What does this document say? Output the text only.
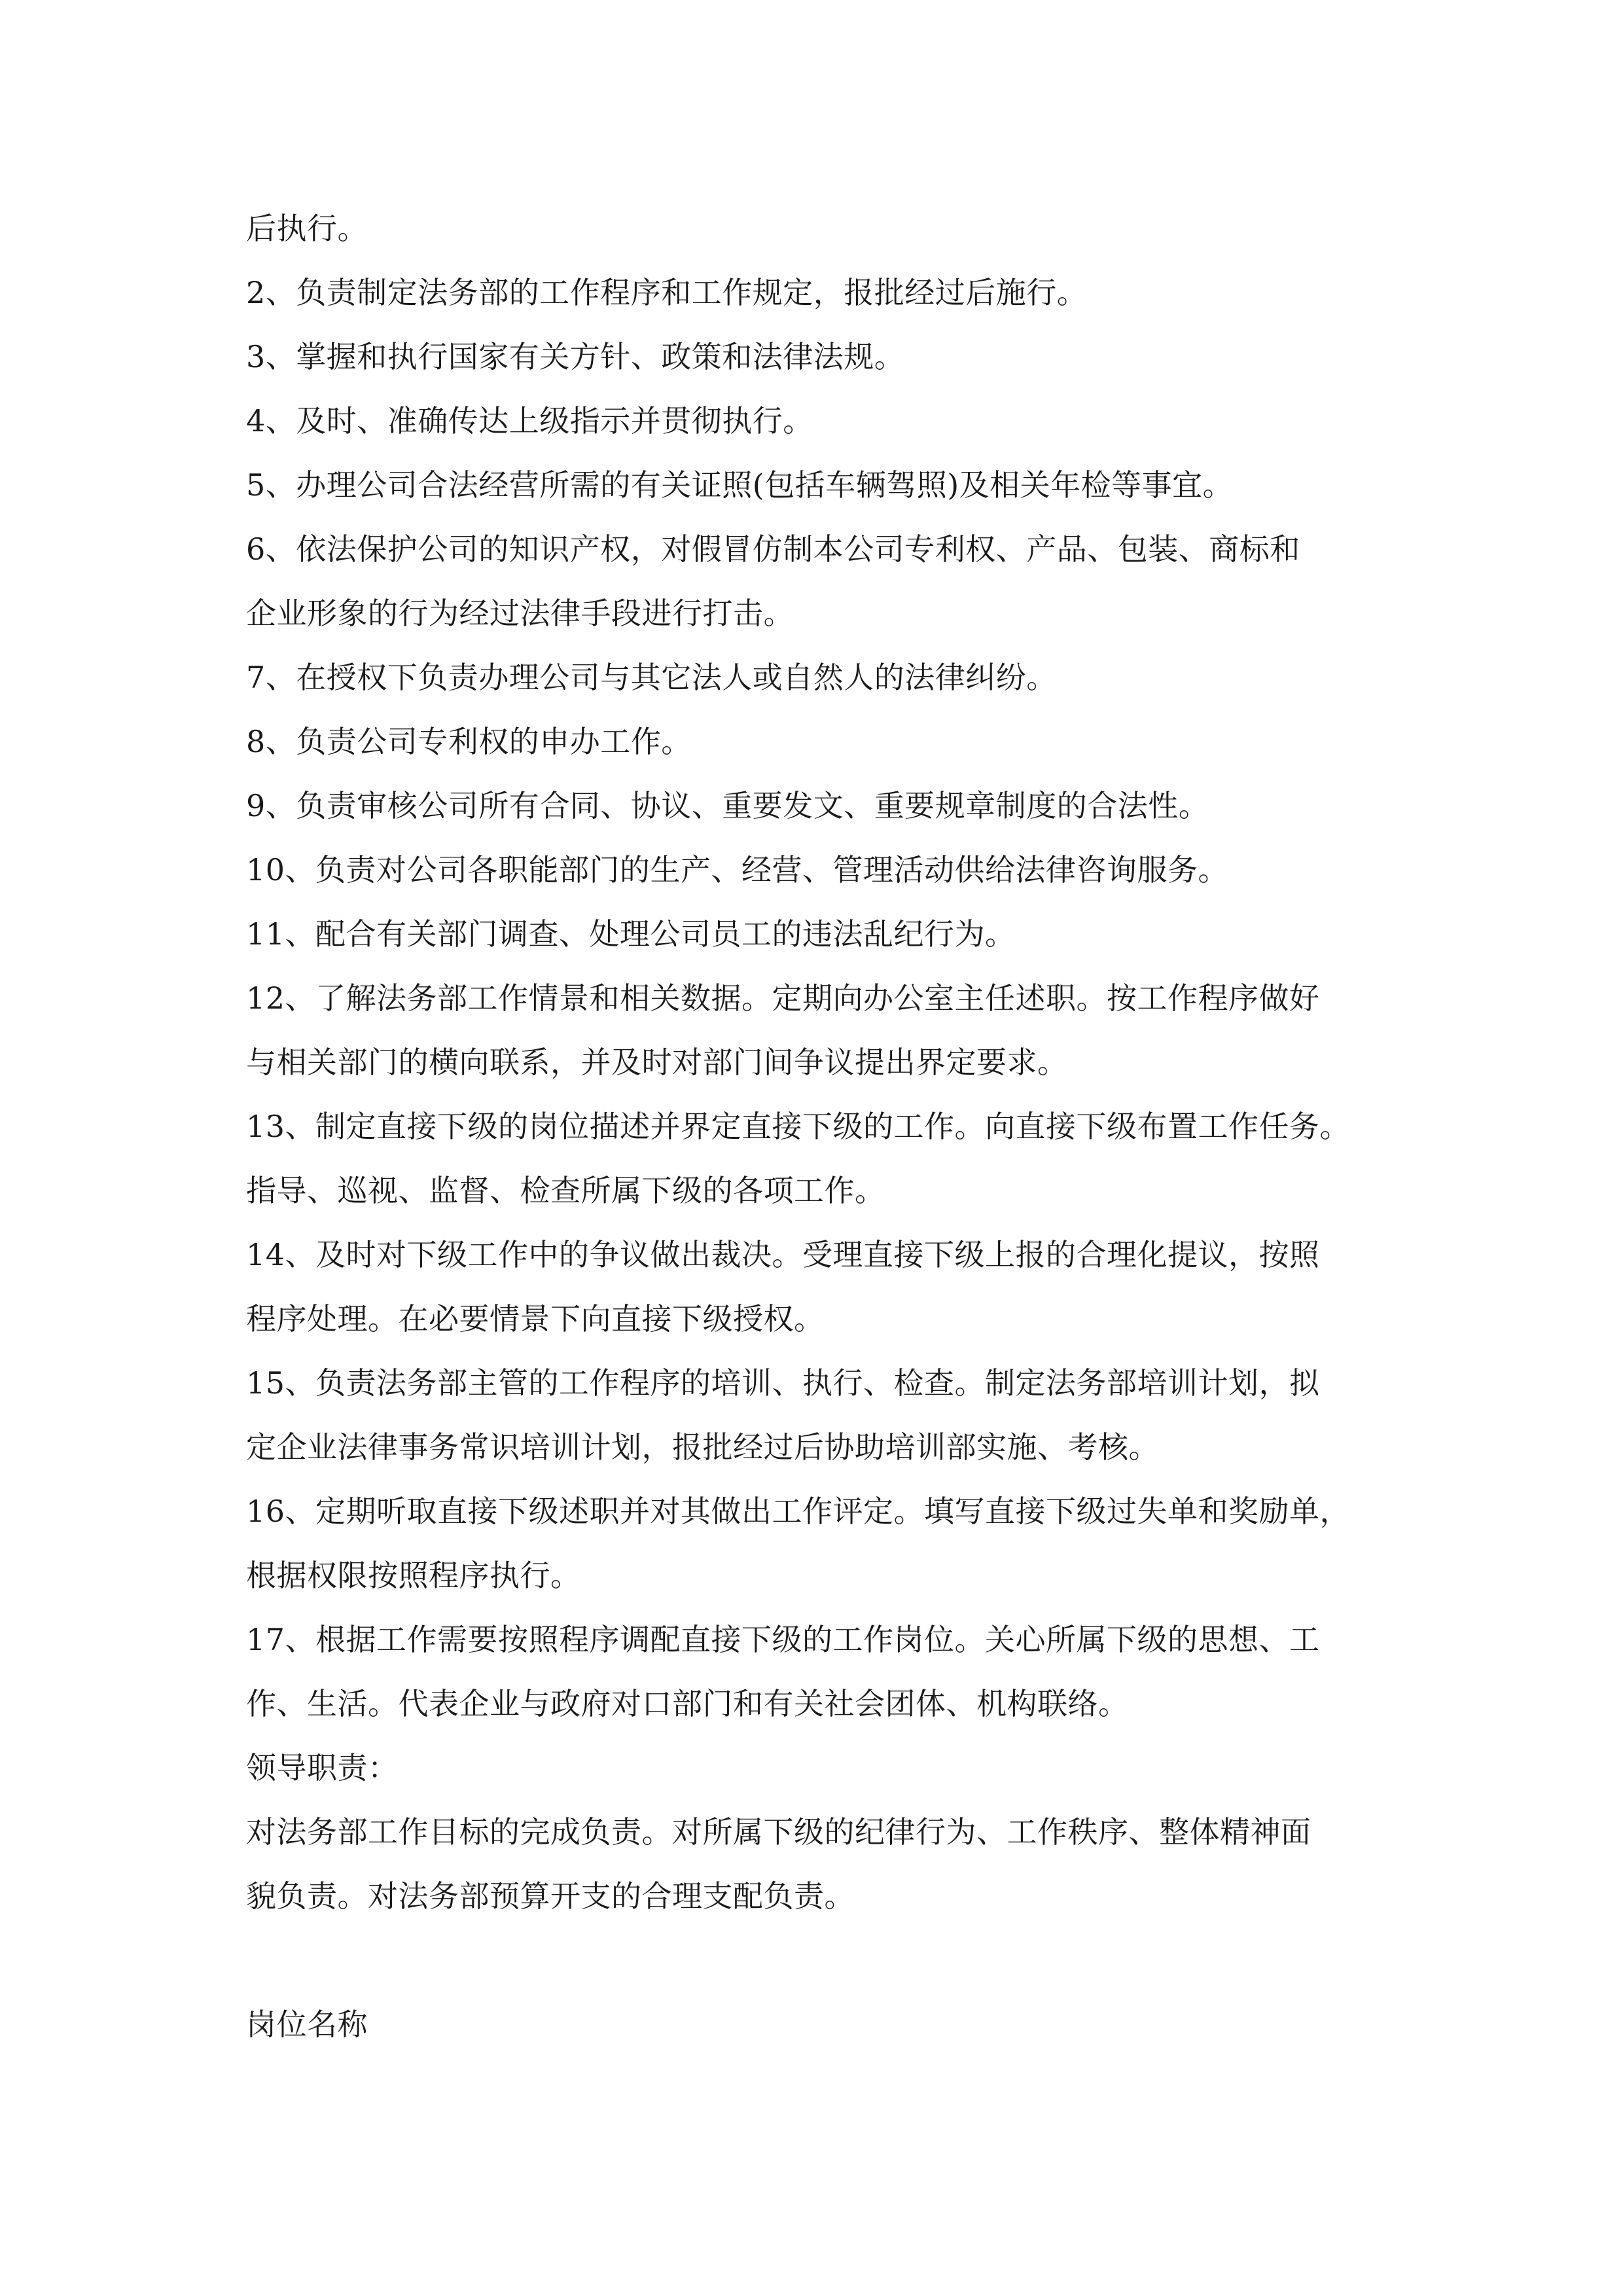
后执行。
2、负责制定法务部的工作程序和工作规定，报批经过后施行。
3、掌握和执行国家有关方针、政策和法律法规。
4、及时、准确传达上级指示并贯彻执行。
5、办理公司合法经营所需的有关证照(包括车辆驾照)及相关年检等事宜。
6、依法保护公司的知识产权，对假冒仿制本公司专利权、产品、包装、商标和
企业形象的行为经过法律手段进行打击。
7、在授权下负责办理公司与其它法人或自然人的法律纠纷。
8、负责公司专利权的申办工作。
9、负责审核公司所有合同、协议、重要发文、重要规章制度的合法性。
10、负责对公司各职能部门的生产、经营、管理活动供给法律咨询服务。
11、配合有关部门调查、处理公司员工的违法乱纪行为。
12、了解法务部工作情景和相关数据。定期向办公室主任述职。按工作程序做好
与相关部门的横向联系，并及时对部门间争议提出界定要求。
13、制定直接下级的岗位描述并界定直接下级的工作。向直接下级布置工作任务。
指导、巡视、监督、检查所属下级的各项工作。
14、及时对下级工作中的争议做出裁决。受理直接下级上报的合理化提议，按照
程序处理。在必要情景下向直接下级授权。
15、负责法务部主管的工作程序的培训、执行、检查。制定法务部培训计划，拟
定企业法律事务常识培训计划，报批经过后协助培训部实施、考核。
16、定期听取直接下级述职并对其做出工作评定。填写直接下级过失单和奖励单，
根据权限按照程序执行。
17、根据工作需要按照程序调配直接下级的工作岗位。关心所属下级的思想、工
作、生活。代表企业与政府对口部门和有关社会团体、机构联络。
领导职责：
对法务部工作目标的完成负责。对所属下级的纪律行为、工作秩序、整体精神面
貌负责。对法务部预算开支的合理支配负责。
岗位名称
